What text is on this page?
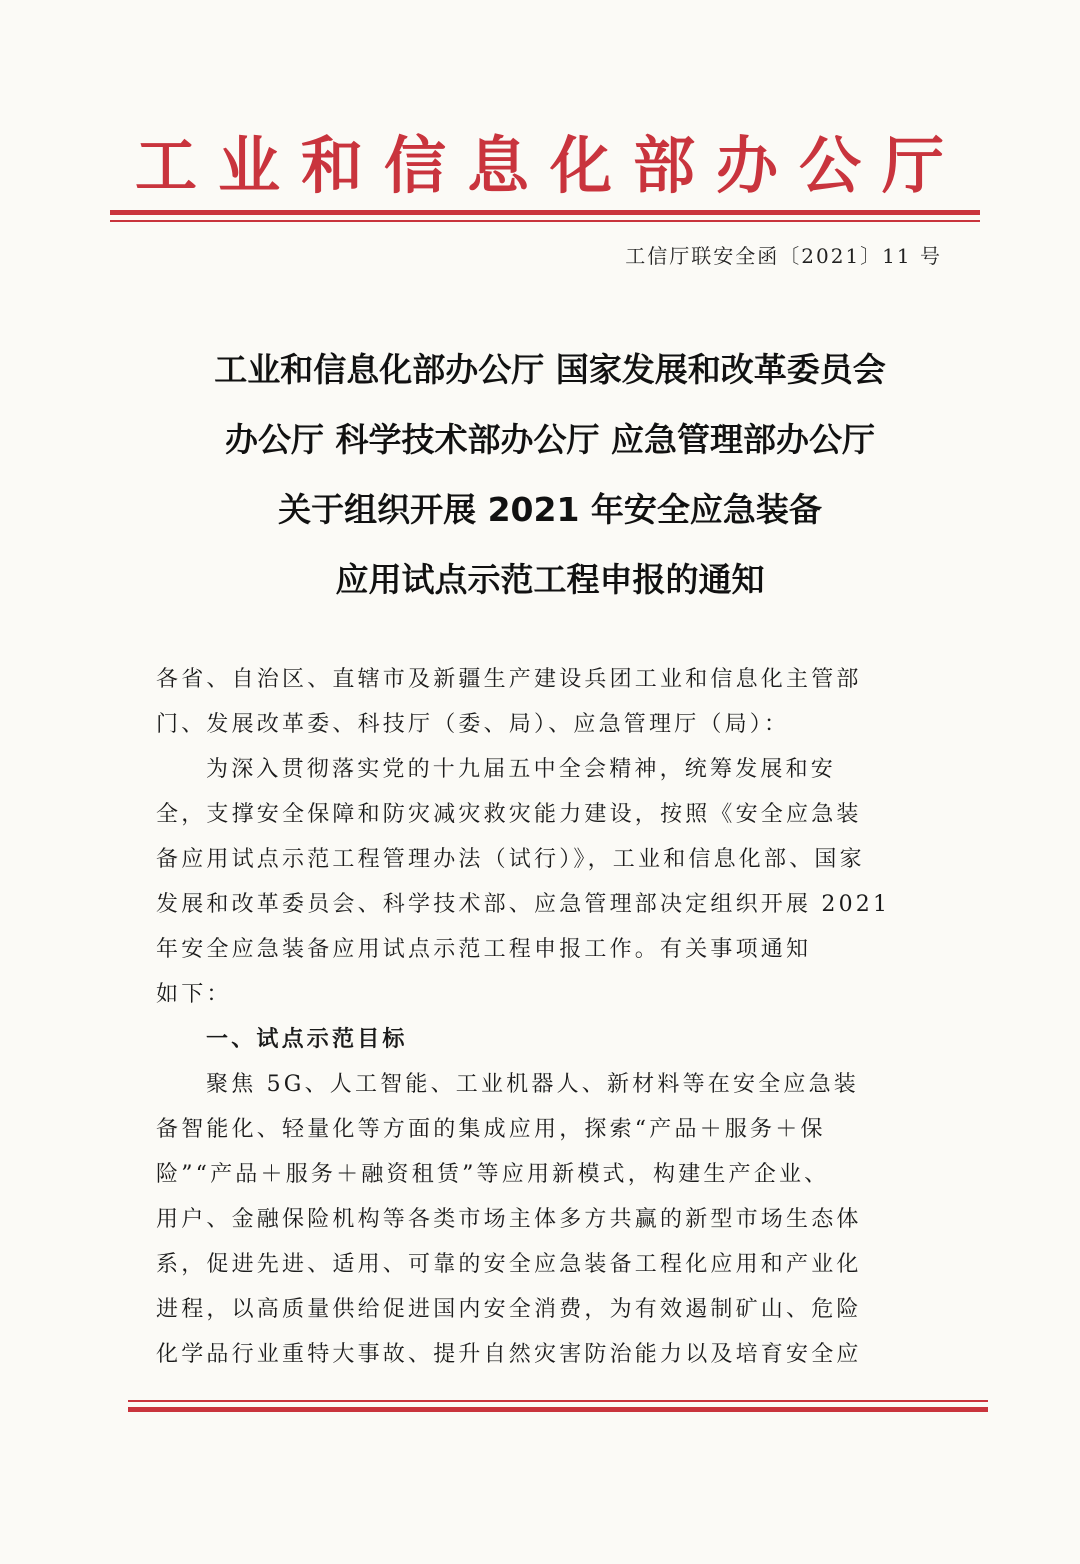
工业和信息化部办公厅
工信厅联安全函〔2021〕11 号
工业和信息化部办公厅 国家发展和改革委员会
办公厅 科学技术部办公厅 应急管理部办公厅
关于组织开展 2021 年安全应急装备
应用试点示范工程申报的通知
各省、自治区、直辖市及新疆生产建设兵团工业和信息化主管部
门、发展改革委、科技厅（委、局）、应急管理厅（局）：
为深入贯彻落实党的十九届五中全会精神，统筹发展和安
全，支撑安全保障和防灾减灾救灾能力建设，按照《安全应急装
备应用试点示范工程管理办法（试行）》，工业和信息化部、国家
发展和改革委员会、科学技术部、应急管理部决定组织开展 2021
年安全应急装备应用试点示范工程申报工作。有关事项通知
如下：
一、试点示范目标
聚焦 5G、人工智能、工业机器人、新材料等在安全应急装
备智能化、轻量化等方面的集成应用，探索“产品＋服务＋保
险”“产品＋服务＋融资租赁”等应用新模式，构建生产企业、
用户、金融保险机构等各类市场主体多方共赢的新型市场生态体
系，促进先进、适用、可靠的安全应急装备工程化应用和产业化
进程，以高质量供给促进国内安全消费，为有效遏制矿山、危险
化学品行业重特大事故、提升自然灾害防治能力以及培育安全应
